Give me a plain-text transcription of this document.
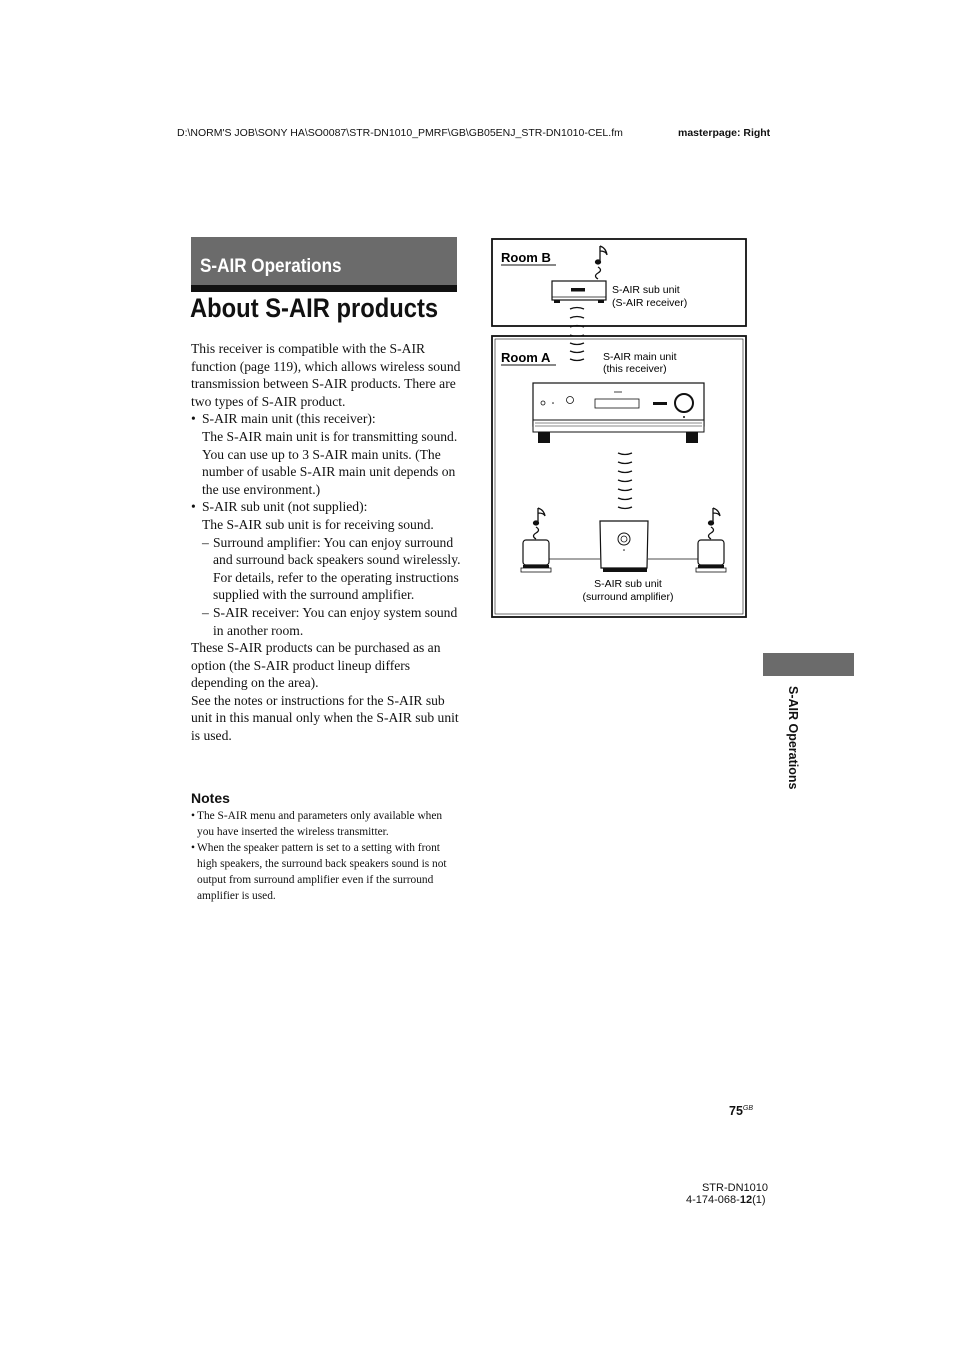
D:\NORM'S JOB\SONY HA\SO0087\STR-DN1010_PMRF\GB\GB05ENJ_STR-DN1010-CEL.fm	masterpage: Right
S-AIR Operations
About S-AIR products

This receiver is compatible with the S-AIR function (page 119), which allows wireless sound transmission between S-AIR products. There are two types of S-AIR product.

• S-AIR main unit (this receiver):

The S-AIR main unit is for transmitting sound.

You can use up to 3 S-AIR main units. (The number of usable S-AIR main unit depends on the use environment.)

• S-AIR sub unit (not supplied):

The S-AIR sub unit is for receiving sound.

– Surround amplifier: You can enjoy surround and surround back speakers sound wirelessly. For details, refer to the operating instructions supplied with the surround amplifier.

– S-AIR receiver: You can enjoy system sound in another room.

These S-AIR products can be purchased as an option (the S-AIR product lineup differs depending on the area).

See the notes or instructions for the S-AIR sub unit in this manual only when the S-AIR sub unit is used.

Notes

• The S-AIR menu and parameters only available when you have inserted the wireless transmitter.

• When the speaker pattern is set to a setting with front high speakers, the surround back speakers sound is not output from surround amplifier even if the surround amplifier is used.

Room B
S-AIR sub unit
(S-AIR receiver)
Room A	S-AIR main unit
(this receiver)
S-AIR sub unit
(surround amplifier)
S-AIR Operations
$75^{GB}$
STR-DN1010
4-174-068-12(1)
